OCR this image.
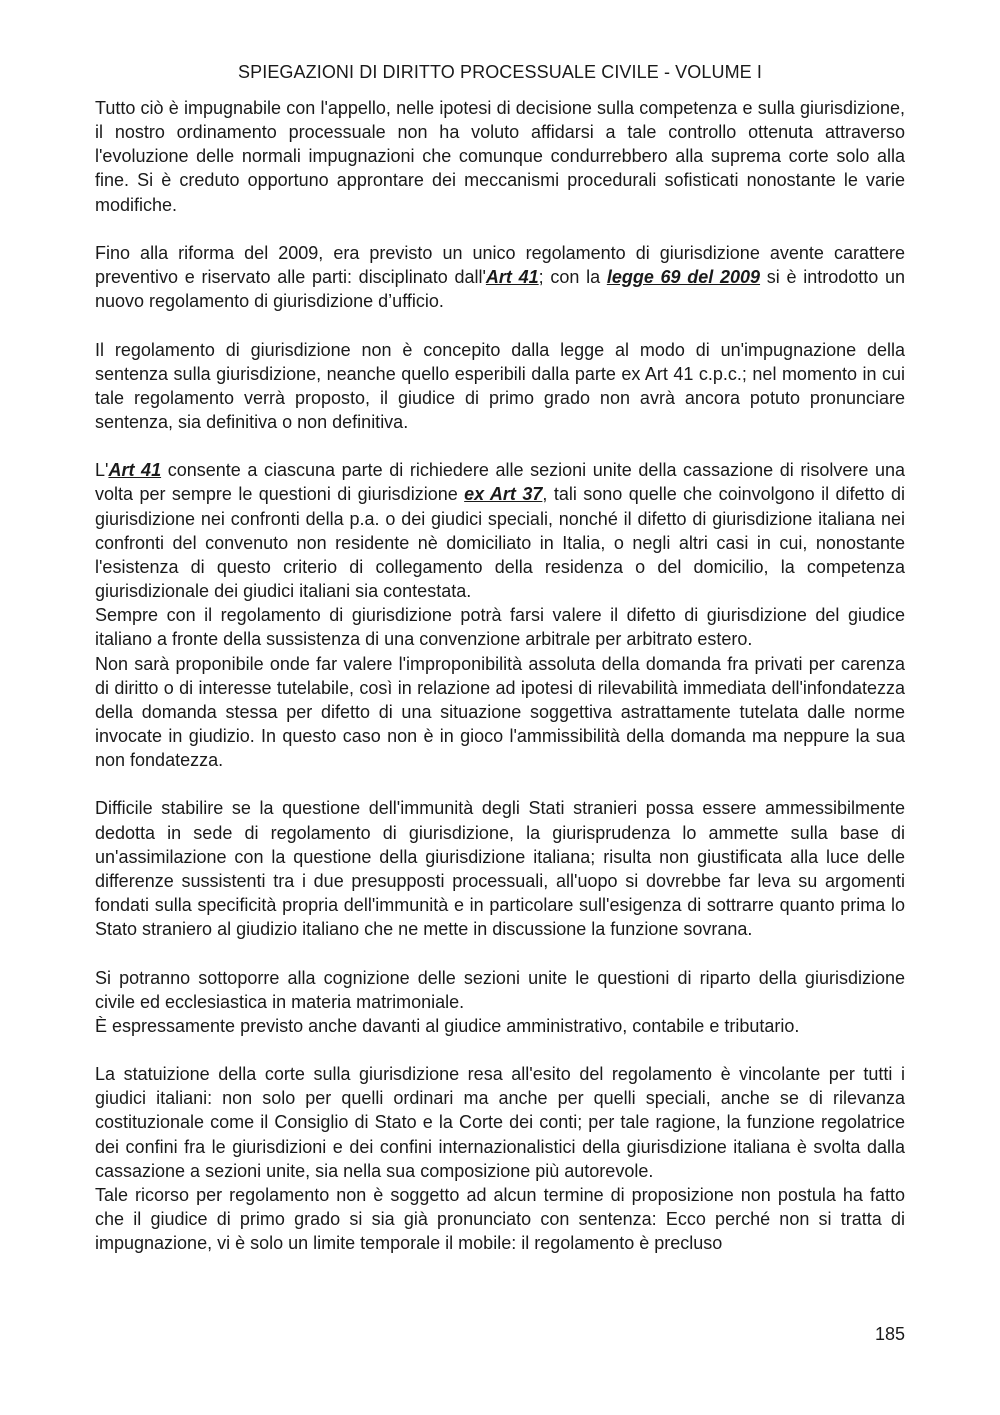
SPIEGAZIONI DI DIRITTO PROCESSUALE CIVILE - VOLUME I

Tutto ciò è impugnabile con l'appello, nelle ipotesi di decisione sulla competenza e sulla giurisdizione, il nostro ordinamento processuale non ha voluto affidarsi a tale controllo ottenuta attraverso l'evoluzione delle normali impugnazioni che comunque condurrebbero alla suprema corte solo alla fine. Si è creduto opportuno approntare dei meccanismi procedurali sofisticati nonostante le varie modifiche.

Fino alla riforma del 2009, era previsto un unico regolamento di giurisdizione avente carattere preventivo e riservato alle parti: disciplinato dall'Art 41; con la legge 69 del 2009 si è introdotto un nuovo regolamento di giurisdizione d’ufficio.

Il regolamento di giurisdizione non è concepito dalla legge al modo di un'impugnazione della sentenza sulla giurisdizione, neanche quello esperibili dalla parte ex Art 41 c.p.c.; nel momento in cui tale regolamento verrà proposto, il giudice di primo grado non avrà ancora potuto pronunciare sentenza, sia definitiva o non definitiva.

L'Art 41 consente a ciascuna parte di richiedere alle sezioni unite della cassazione di risolvere una volta per sempre le questioni di giurisdizione ex Art 37, tali sono quelle che coinvolgono il difetto di giurisdizione nei confronti della p.a. o dei giudici speciali, nonché il difetto di giurisdizione italiana nei confronti del convenuto non residente nè domiciliato in Italia, o negli altri casi in cui, nonostante l'esistenza di questo criterio di collegamento della residenza o del domicilio, la competenza giurisdizionale dei giudici italiani sia contestata.

Sempre con il regolamento di giurisdizione potrà farsi valere il difetto di giurisdizione del giudice italiano a fronte della sussistenza di una convenzione arbitrale per arbitrato estero.

Non sarà proponibile onde far valere l'improponibilità assoluta della domanda fra privati per carenza di diritto o di interesse tutelabile, così in relazione ad ipotesi di rilevabilità immediata dell'infondatezza della domanda stessa per difetto di una situazione soggettiva astrattamente tutelata dalle norme invocate in giudizio. In questo caso non è in gioco l'ammissibilità della domanda ma neppure la sua non fondatezza.

Difficile stabilire se la questione dell'immunità degli Stati stranieri possa essere ammessibilmente dedotta in sede di regolamento di giurisdizione, la giurisprudenza lo ammette sulla base di un'assimilazione con la questione della giurisdizione italiana; risulta non giustificata alla luce delle differenze sussistenti tra i due presupposti processuali, all'uopo si dovrebbe far leva su argomenti fondati sulla specificità propria dell'immunità e in particolare sull'esigenza di sottrarre quanto prima lo Stato straniero al giudizio italiano che ne mette in discussione la funzione sovrana.

Si potranno sottoporre alla cognizione delle sezioni unite le questioni di riparto della giurisdizione civile ed ecclesiastica in materia matrimoniale.

È espressamente previsto anche davanti al giudice amministrativo, contabile e tributario.

La statuizione della corte sulla giurisdizione resa all'esito del regolamento è vincolante per tutti i giudici italiani: non solo per quelli ordinari ma anche per quelli speciali, anche se di rilevanza costituzionale come il Consiglio di Stato e la Corte dei conti; per tale ragione, la funzione regolatrice dei confini fra le giurisdizioni e dei confini internazionalistici della giurisdizione italiana è svolta dalla cassazione a sezioni unite, sia nella sua composizione più autorevole.

Tale ricorso per regolamento non è soggetto ad alcun termine di proposizione non postula ha fatto che il giudice di primo grado si sia già pronunciato con sentenza: Ecco perché non si tratta di impugnazione, vi è solo un limite temporale il mobile: il regolamento è precluso

185
